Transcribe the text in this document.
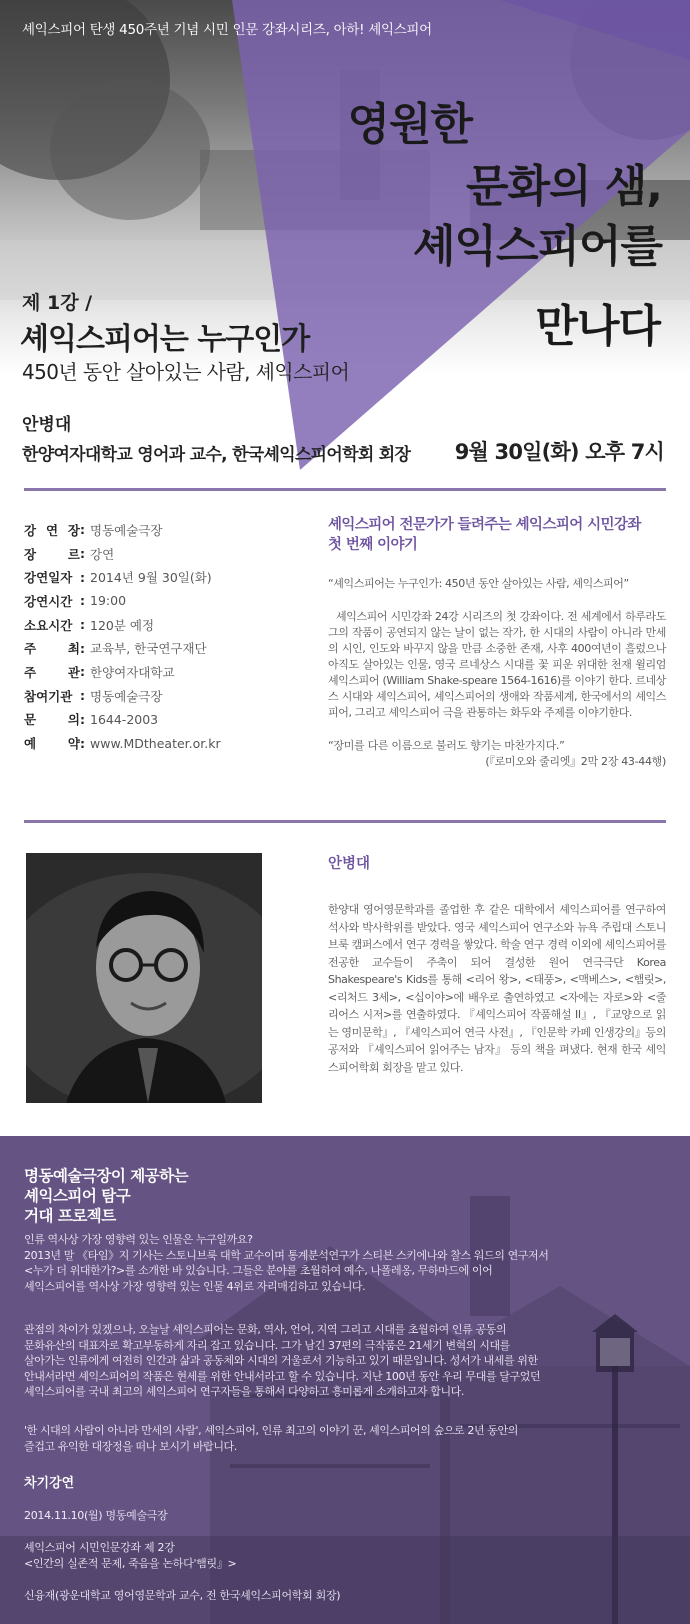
셰익스피어 탄생 450주년 기념 시민 인문 강좌시리즈, 아하! 셰익스피어
영원한
문화의 샘,
셰익스피어를
만나다
제 1강 /
셰익스피어는 누구인가
450년 동안 살아있는 사람, 셰익스피어
안병대
한양여자대학교 영어과 교수, 한국셰익스피어학회 회장 9월 30일(화) 오후 7시
강 연 장 : 명동예술극장
장 르 : 강연
강연일자 : 2014년 9월 30일(화)
강연시간 : 19:00
소요시간 : 120분 예정
주 최 : 교육부, 한국연구재단
주 관 : 한양여자대학교
참여기관 : 명동예술극장
문 의 : 1644-2003
예 약 : www.MDtheater.or.kr
셰익스피어 전문가가 들려주는 셰익스피어 시민강좌
첫 번째 이야기
“셰익스피어는 누구인가: 450년 동안 살아있는 사람, 셰익스피어”
셰익스피어 시민강좌 24강 시리즈의 첫 강좌이다. 전 세계에서 하루라도 그의 작품이 공연되지 않는 날이 없는 작가, 한 시대의 사람이 아니라 만세의 시인, 인도와 바꾸지 않을 만큼 소중한 존재, 사후 400여년이 흘렀으나 아직도 살아있는 인물, 영국 르네상스 시대를 꽃 피운 위대한 천재 윌리엄 셰익스피어 (William Shake-speare 1564-1616)를 이야기 한다. 르네상스 시대와 셰익스피어, 셰익스피어의 생애와 작품세계, 한국에서의 셰익스피어, 그리고 셰익스피어 극을 관통하는 화두와 주제를 이야기한다.
“장미를 다른 이름으로 불러도 향기는 마찬가지다.”
(『로미오와 줄리엣』2막 2장 43-44행)
안병대
한양대 영어영문학과를 졸업한 후 같은 대학에서 셰익스피어를 연구하여 석사와 박사학위를 받았다. 영국 셰익스피어 연구소와 뉴욕 주립대 스토니브룩 캠퍼스에서 연구 경력을 쌓았다. 학술 연구 경력 이외에 셰익스피어를 전공한 교수들이 주축이 되어 결성한 원어 연극극단 Korea Shakespeare's Kids를 통해 <리어 왕>, <태풍>, <맥베스>, <햄릿>, <리처드 3세>, <십이야>에 배우로 출연하였고 <자에는 자로>와 <줄리어스 시저>를 연출하였다. 『셰익스피어 작품해설 II』, 『교양으로 읽는 영미문학』, 『셰익스피어 연극 사전』, 『인문학 카페 인생강의』등의 공저와 『셰익스피어 읽어주는 남자』 등의 책을 펴냈다. 현재 한국 셰익스피어학회 회장을 맡고 있다.
명동예술극장이 제공하는
셰익스피어 탐구
거대 프로젝트
인류 역사상 가장 영향력 있는 인물은 누구일까요?
2013년 말 《타임》지 기사는 스토니브룩 대학 교수이며 통계분석연구가 스티븐 스키에나와 찰스 워드의 연구저서
<누가 더 위대한가?>를 소개한 바 있습니다. 그들은 분야를 초월하여 예수, 나폴레옹, 무하마드에 이어
셰익스피어를 역사상 가장 영향력 있는 인물 4위로 자리매김하고 있습니다.
관점의 차이가 있겠으나, 오늘날 셰익스피어는 문화, 역사, 언어, 지역 그리고 시대를 초월하여 인류 공동의
문화유산의 대표자로 확고부동하게 자리 잡고 있습니다. 그가 남긴 37편의 극작품은 21세기 변혁의 시대를
살아가는 인류에게 여전히 인간과 삶과 공동체와 시대의 거울로서 기능하고 있기 때문입니다. 성서가 내세를 위한
안내서라면 셰익스피어의 작품은 현세를 위한 안내서라고 할 수 있습니다. 지난 100년 동안 우리 무대를 달구었던
셰익스피어를 국내 최고의 셰익스피어 연구자들을 통해서 다양하고 흥미롭게 소개하고자 합니다.
'한 시대의 사람이 아니라 만세의 사람', 셰익스피어, 인류 최고의 이야기 꾼, 셰익스피어의 숲으로 2년 동안의
즐겁고 유익한 대장정을 떠나 보시기 바랍니다.
차기강연
2014.11.10(월) 명동예술극장
셰익스피어 시민인문강좌 제 2강
<인간의 실존적 문제, 죽음을 논하다'햄릿』>
신융재(광운대학교 영어영문학과 교수, 전 한국셰익스피어학회 회장)
